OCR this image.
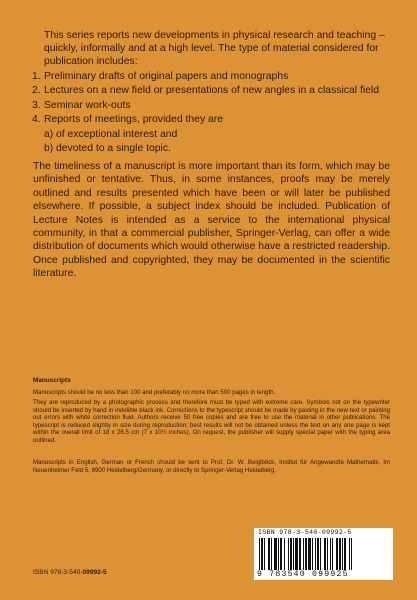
This series reports new developments in physical research and teaching – quickly, informally and at a high level. The type of material considered for publication includes:

1. Preliminary drafts of original papers and monographs
2. Lectures on a new field or presentations of new angles in a classical field
3. Seminar work-outs
4. Reports of meetings, provided they are
a) of exceptional interest and
b) devoted to a single topic.

The timeliness of a manuscript is more important than its form, which may be unfinished or tentative. Thus, in some instances, proofs may be merely outlined and results presented which have been or will later be published elsewhere. If possible, a subject index should be included. Publication of Lecture Notes is intended as a service to the international physical community, in that a commercial publisher, Springer-Verlag, can offer a wide distribution of documents which would otherwise have a restricted readership. Once published and copyrighted, they may be documented in the scientific literature.

Manuscripts

Manuscripts should be no less than 100 and preferably no more than 500 pages in length.

They are reproduced by a photographic process and therefore must be typed with extreme care. Symbols not on the typewriter should be inserted by hand in indelible black ink. Corrections to the typescript should be made by pasting in the new text or painting out errors with white correction fluid. Authors receive 50 free copies and are free to use the material in other publications. The typescript is reduced slightly in size during reproduction; best results will not be obtained unless the text on any one page is kept within the overall limit of 18 x 26.5 cm (7 x 10½ inches). On request, the publisher will supply special paper with the typing area outlined.

Manuscripts in English, German or French should be sent to Prof. Dr. W. Beiglböck, Institut für Angewandte Mathematik, Im Neuenheimer Feld 5, 6900 Heidelberg/Germany, or directly to Springer-Verlag Heidelberg.

ISBN 978-3-540-09992-5

ISBN 978-3-540-09992-5
9 783540 099925
